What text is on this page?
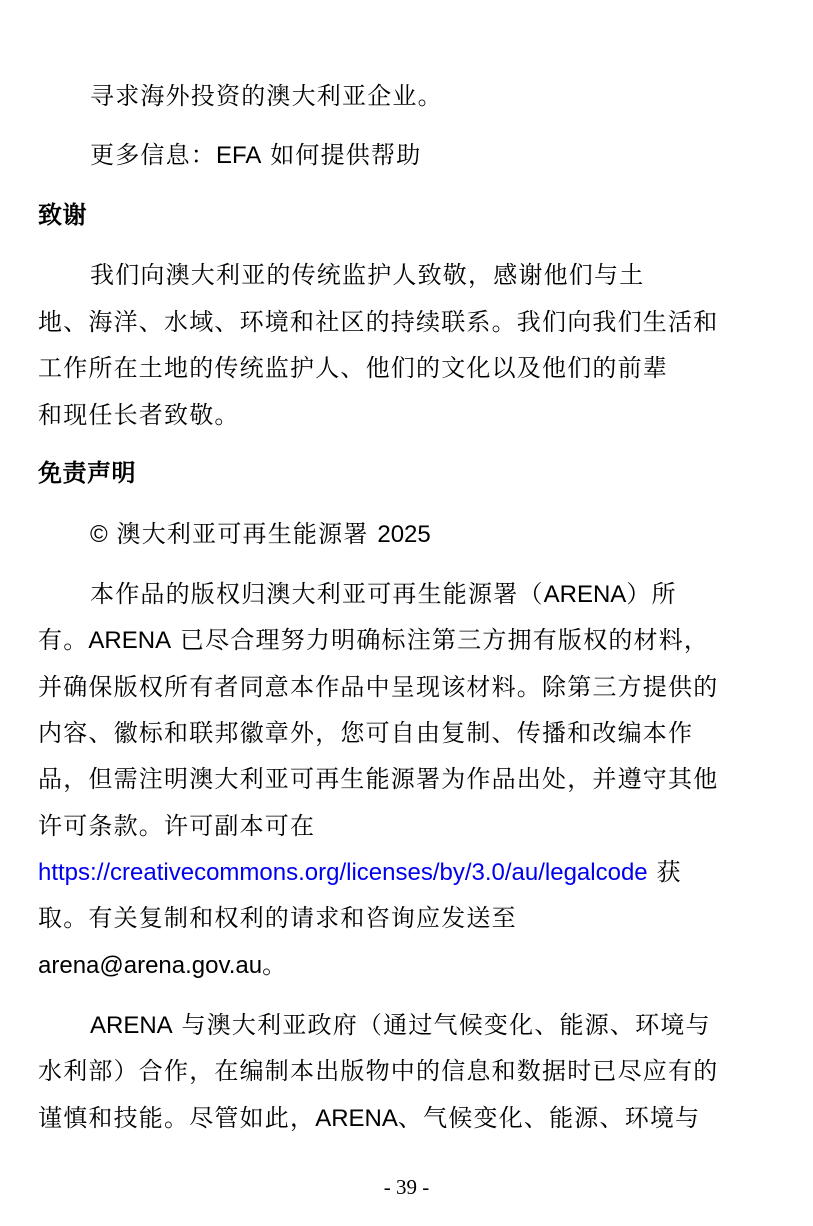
寻求海外投资的澳大利亚企业。
更多信息：EFA 如何提供帮助
致谢
我们向澳大利亚的传统监护人致敬，感谢他们与土
地、海洋、水域、环境和社区的持续联系。我们向我们生活和
工作所在土地的传统监护人、他们的文化以及他们的前辈
和现任长者致敬。
免责声明
© 澳大利亚可再生能源署 2025
本作品的版权归澳大利亚可再生能源署（ARENA）所
有。ARENA 已尽合理努力明确标注第三方拥有版权的材料，
并确保版权所有者同意本作品中呈现该材料。除第三方提供的
内容、徽标和联邦徽章外，您可自由复制、传播和改编本作
品，但需注明澳大利亚可再生能源署为作品出处，并遵守其他
许可条款。许可副本可在
https://creativecommons.org/licenses/by/3.0/au/legalcode 获
取。有关复制和权利的请求和咨询应发送至
arena@arena.gov.au。
ARENA 与澳大利亚政府（通过气候变化、能源、环境与
水利部）合作，在编制本出版物中的信息和数据时已尽应有的
谨慎和技能。尽管如此，ARENA、气候变化、能源、环境与
- 39 -
